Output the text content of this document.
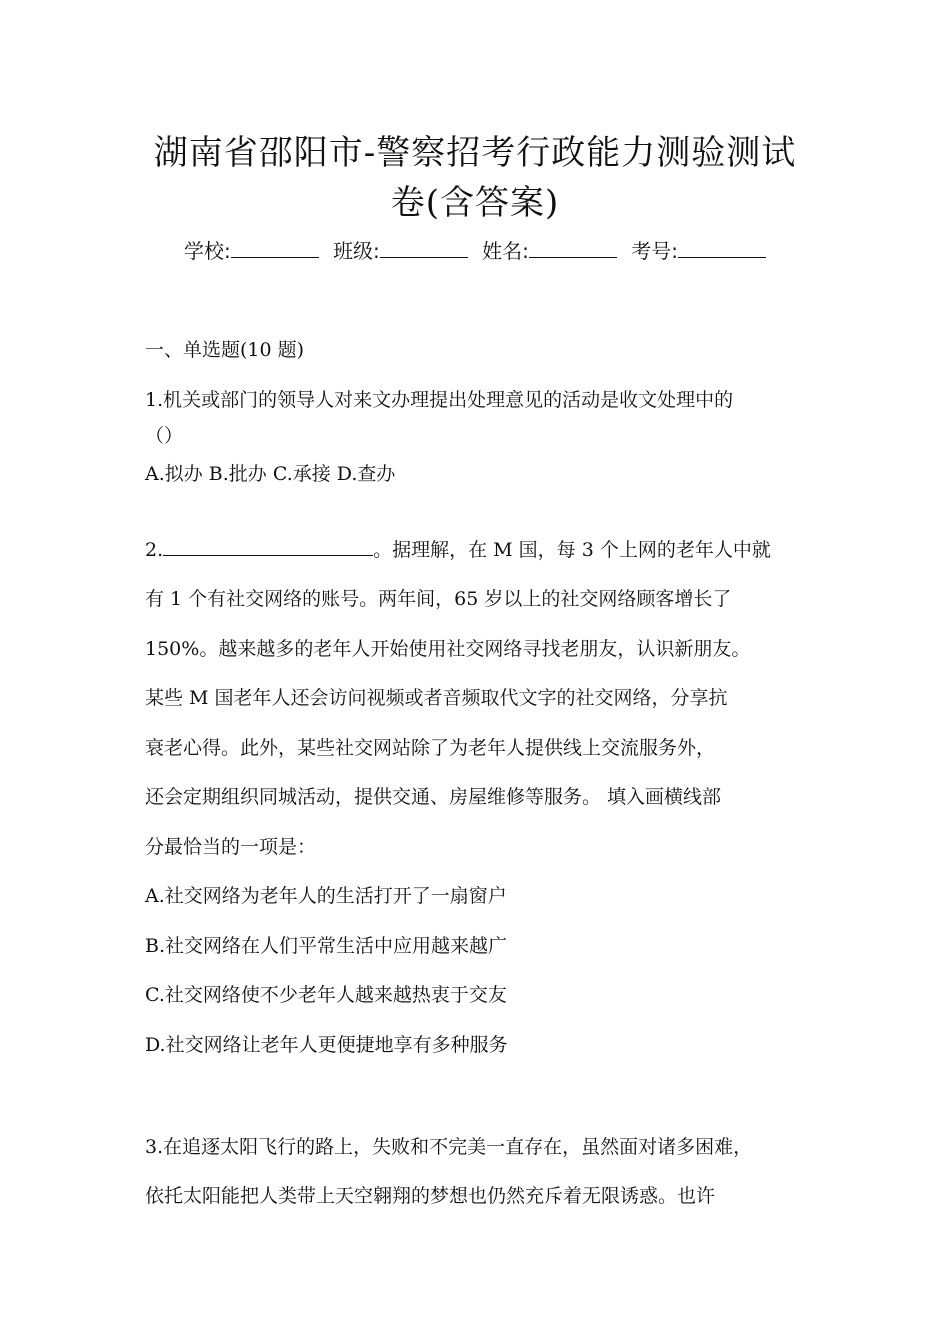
湖南省邵阳市-警察招考行政能力测验测试
卷(含答案)
学校:	班级:	姓名:	考号:
一、单选题(10 题)
1.机关或部门的领导人对来文办理提出处理意见的活动是收文处理中的
（）
A.拟办 B.批办 C.承接 D.查办
2.	。据理解，在 M 国，每 3 个上网的老年人中就
有 1 个有社交网络的账号。两年间，65 岁以上的社交网络顾客增长了
150%。越来越多的老年人开始使用社交网络寻找老朋友，认识新朋友。
某些 M 国老年人还会访问视频或者音频取代文字的社交网络，分享抗
衰老心得。此外，某些社交网站除了为老年人提供线上交流服务外，
还会定期组织同城活动，提供交通、房屋维修等服务。 填入画横线部
分最恰当的一项是：
A.社交网络为老年人的生活打开了一扇窗户
B.社交网络在人们平常生活中应用越来越广
C.社交网络使不少老年人越来越热衷于交友
D.社交网络让老年人更便捷地享有多种服务
3.在追逐太阳飞行的路上，失败和不完美一直存在，虽然面对诸多困难，
依托太阳能把人类带上天空翱翔的梦想也仍然充斥着无限诱惑。也许
